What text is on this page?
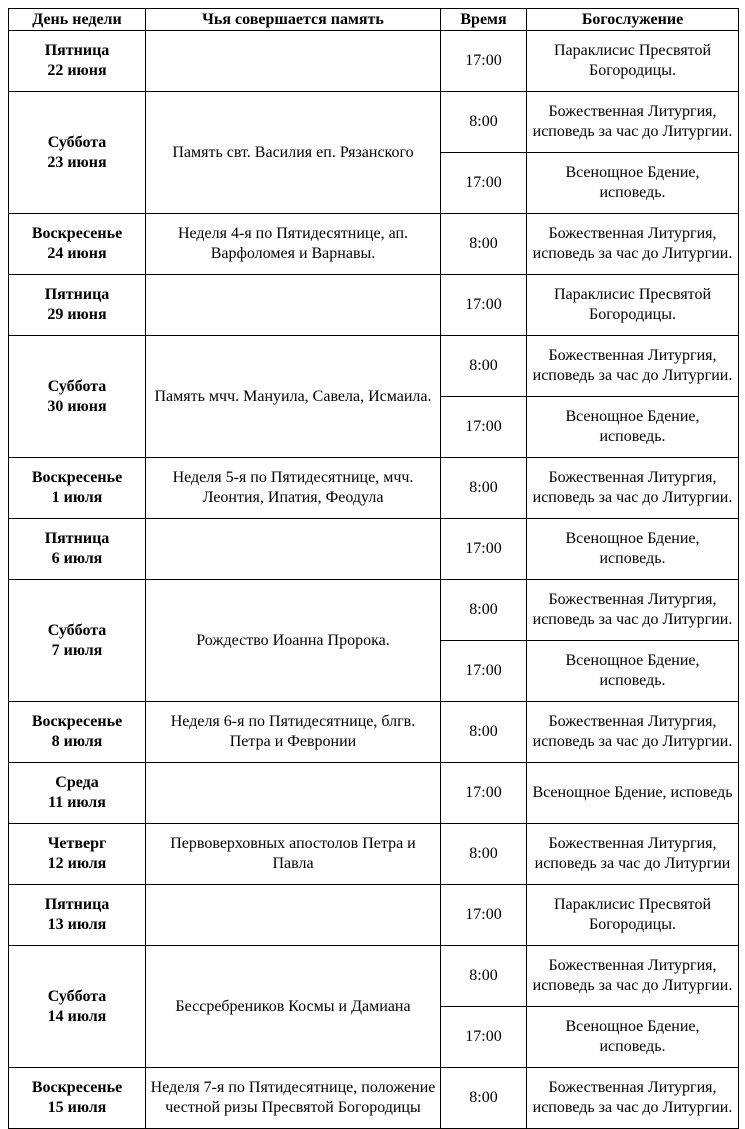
День недели	Чья совершается память	Время	Богослужение

Пятница
22 июня		17:00	Параклисис Пресвятой Богородицы.

Суббота
23 июня	Память свт. Василия еп. Рязанского	8:00	Божественная Литургия, исповедь за час до Литургии.
		17:00	Всенощное Бдение, исповедь.

Воскресенье
24 июня	Неделя 4-я по Пятидесятнице, ап. Варфоломея и Варнавы.	8:00	Божественная Литургия, исповедь за час до Литургии.

Пятница
29 июня		17:00	Параклисис Пресвятой Богородицы.

Суббота
30 июня	Память мчч. Мануила, Савела, Исмаила.	8:00	Божественная Литургия, исповедь за час до Литургии.
		17:00	Всенощное Бдение, исповедь.

Воскресенье
1 июля	Неделя 5-я по Пятидесятнице, мчч. Леонтия, Ипатия, Феодула	8:00	Божественная Литургия, исповедь за час до Литургии.

Пятница
6 июля		17:00	Всенощное Бдение, исповедь.

Суббота
7 июля	Рождество Иоанна Пророка.	8:00	Божественная Литургия, исповедь за час до Литургии.
		17:00	Всенощное Бдение, исповедь.

Воскресенье
8 июля	Неделя 6-я по Пятидесятнице, блгв. Петра и Февронии	8:00	Божественная Литургия, исповедь за час до Литургии.

Среда
11 июля		17:00	Всенощное Бдение, исповедь

Четверг
12 июля	Первоверховных апостолов Петра и Павла	8:00	Божественная Литургия, исповедь за час до Литургии

Пятница
13 июля		17:00	Параклисис Пресвятой Богородицы.

Суббота
14 июля	Бессребреников Космы и Дамиана	8:00	Божественная Литургия, исповедь за час до Литургии.
		17:00	Всенощное Бдение, исповедь.

Воскресенье
15 июля	Неделя 7-я по Пятидесятнице, положение честной ризы Пресвятой Богородицы	8:00	Божественная Литургия, исповедь за час до Литургии.
